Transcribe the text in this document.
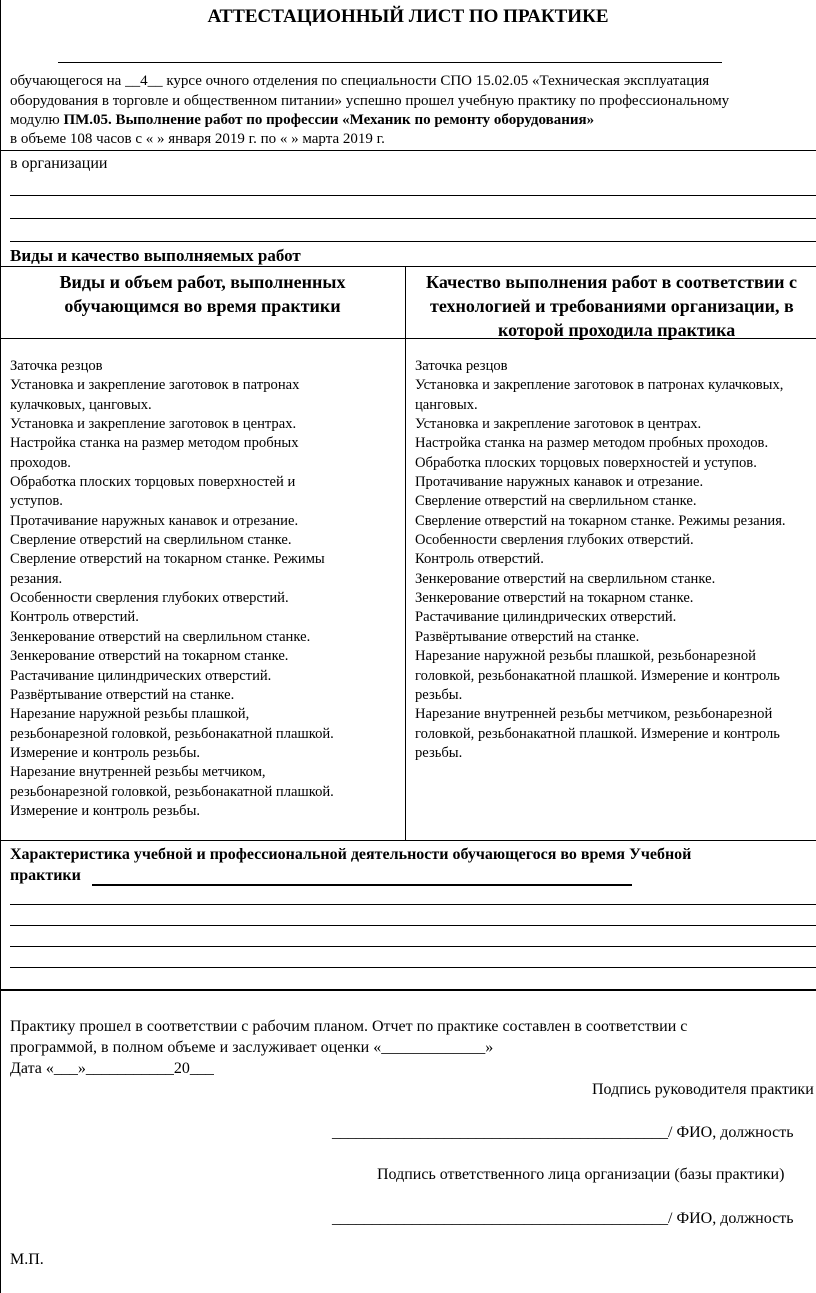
АТТЕСТАЦИОННЫЙ ЛИСТ ПО ПРАКТИКЕ
обучающегося на __4__ курсе очного отделения по специальности СПО 15.02.05 «Техническая эксплуатация
оборудования в торговле и общественном питании» успешно прошел учебную практику по профессиональному
модулю ПМ.05. Выполнение работ по профессии «Механик по ремонту оборудования»
в объеме 108 часов с « » января 2019 г. по « » марта 2019 г.
в организации
Виды и качество выполняемых работ
Виды и объем работ, выполненных
обучающимся во время практики
Качество выполнения работ в соответствии с
технологией и требованиями организации, в
которой проходила практика
Заточка резцов
Установка и закрепление заготовок в патронах
кулачковых, цанговых.
Установка и закрепление заготовок в центрах.
Настройка станка на размер методом пробных
проходов.
Обработка плоских торцовых поверхностей и
уступов.
Протачивание наружных канавок и отрезание.
Сверление отверстий на сверлильном станке.
Сверление отверстий на токарном станке. Режимы
резания.
Особенности сверления глубоких отверстий.
Контроль отверстий.
Зенкерование отверстий на сверлильном станке.
Зенкерование отверстий на токарном станке.
Растачивание цилиндрических отверстий.
Развёртывание отверстий на станке.
Нарезание наружной резьбы плашкой,
резьбонарезной головкой, резьбонакатной плашкой.
Измерение и контроль резьбы.
Нарезание внутренней резьбы метчиком,
резьбонарезной головкой, резьбонакатной плашкой.
Измерение и контроль резьбы.
Заточка резцов
Установка и закрепление заготовок в патронах кулачковых,
цанговых.
Установка и закрепление заготовок в центрах.
Настройка станка на размер методом пробных проходов.
Обработка плоских торцовых поверхностей и уступов.
Протачивание наружных канавок и отрезание.
Сверление отверстий на сверлильном станке.
Сверление отверстий на токарном станке. Режимы резания.
Особенности сверления глубоких отверстий.
Контроль отверстий.
Зенкерование отверстий на сверлильном станке.
Зенкерование отверстий на токарном станке.
Растачивание цилиндрических отверстий.
Развёртывание отверстий на станке.
Нарезание наружной резьбы плашкой, резьбонарезной
головкой, резьбонакатной плашкой. Измерение и контроль
резьбы.
Нарезание внутренней резьбы метчиком, резьбонарезной
головкой, резьбонакатной плашкой. Измерение и контроль
резьбы.
Характеристика учебной и профессиональной деятельности обучающегося во время Учебной
практики
Практику прошел в соответствии с рабочим планом. Отчет по практике составлен в соответствии с
программой, в полном объеме и заслуживает оценки «_____________»
Дата «___»___________20___
Подпись руководителя практики
__________________________________________/ ФИО, должность
Подпись ответственного лица организации (базы практики)
__________________________________________/ ФИО, должность
М.П.
